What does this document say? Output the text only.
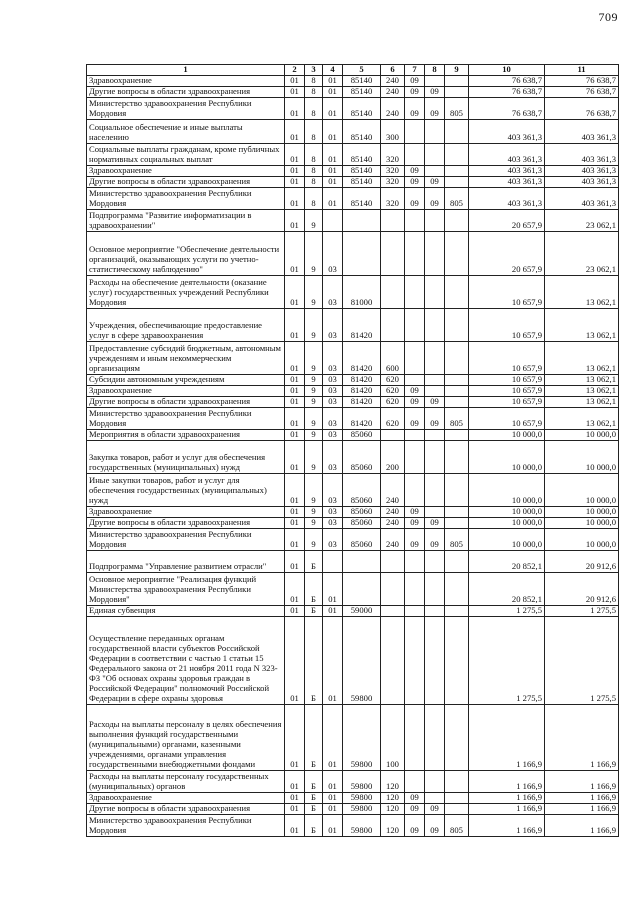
709
1	2	3	4	5	6	7	8	9	10	11
Здравоохранение	01	8	01	85140	240	09			76 638,7	76 638,7
Другие вопросы в области здравоохранения	01	8	01	85140	240	09	09		76 638,7	76 638,7
Министерство здравоохранения Республики Мордовия	01	8	01	85140	240	09	09	805	76 638,7	76 638,7
Социальное обеспечение и иные выплаты населению	01	8	01	85140	300				403 361,3	403 361,3
Социальные выплаты гражданам, кроме публичных нормативных социальных выплат	01	8	01	85140	320				403 361,3	403 361,3
Здравоохранение	01	8	01	85140	320	09			403 361,3	403 361,3
Другие вопросы в области здравоохранения	01	8	01	85140	320	09	09		403 361,3	403 361,3
Министерство здравоохранения Республики Мордовия	01	8	01	85140	320	09	09	805	403 361,3	403 361,3
Подпрограмма "Развитие информатизации в здравоохранении"	01	9							20 657,9	23 062,1
Основное мероприятие "Обеспечение деятельности организаций, оказывающих услуги по учетно-статистическому наблюдению"	01	9	03						20 657,9	23 062,1
Расходы на обеспечение деятельности (оказание услуг) государственных учреждений Республики Мордовия	01	9	03	81000					10 657,9	13 062,1
Учреждения, обеспечивающие предоставление услуг в сфере здравоохранения	01	9	03	81420					10 657,9	13 062,1
Предоставление субсидий бюджетным, автономным учреждениям и иным некоммерческим организациям	01	9	03	81420	600				10 657,9	13 062,1
Субсидии автономным учреждениям	01	9	03	81420	620				10 657,9	13 062,1
Здравоохранение	01	9	03	81420	620	09			10 657,9	13 062,1
Другие вопросы в области здравоохранения	01	9	03	81420	620	09	09		10 657,9	13 062,1
Министерство здравоохранения Республики Мордовия	01	9	03	81420	620	09	09	805	10 657,9	13 062,1
Мероприятия в области здравоохранения	01	9	03	85060					10 000,0	10 000,0
Закупка товаров, работ и услуг для обеспечения государственных (муниципальных) нужд	01	9	03	85060	200				10 000,0	10 000,0
Иные закупки товаров, работ и услуг для обеспечения государственных (муниципальных) нужд	01	9	03	85060	240				10 000,0	10 000,0
Здравоохранение	01	9	03	85060	240	09			10 000,0	10 000,0
Другие вопросы в области здравоохранения	01	9	03	85060	240	09	09		10 000,0	10 000,0
Министерство здравоохранения Республики Мордовия	01	9	03	85060	240	09	09	805	10 000,0	10 000,0
Подпрограмма "Управление развитием отрасли"	01	Б							20 852,1	20 912,6
Основное мероприятие "Реализация функций Министерства здравоохранения Республики Мордовия"	01	Б	01						20 852,1	20 912,6
Единая субвенция	01	Б	01	59000					1 275,5	1 275,5
Осуществление переданных органам государственной власти субъектов Российской Федерации в соответствии с частью 1 статьи 15 Федерального закона от 21 ноября 2011 года N 323-ФЗ "Об основах охраны здоровья граждан в Российской Федерации" полномочий Российской Федерации в сфере охраны здоровья	01	Б	01	59800					1 275,5	1 275,5
Расходы на выплаты персоналу в целях обеспечения выполнения функций государственными (муниципальными) органами, казенными учреждениями, органами управления государственными внебюджетными фондами	01	Б	01	59800	100				1 166,9	1 166,9
Расходы на выплаты персоналу государственных (муниципальных) органов	01	Б	01	59800	120				1 166,9	1 166,9
Здравоохранение	01	Б	01	59800	120	09			1 166,9	1 166,9
Другие вопросы в области здравоохранения	01	Б	01	59800	120	09	09		1 166,9	1 166,9
Министерство здравоохранения Республики Мордовия	01	Б	01	59800	120	09	09	805	1 166,9	1 166,9
